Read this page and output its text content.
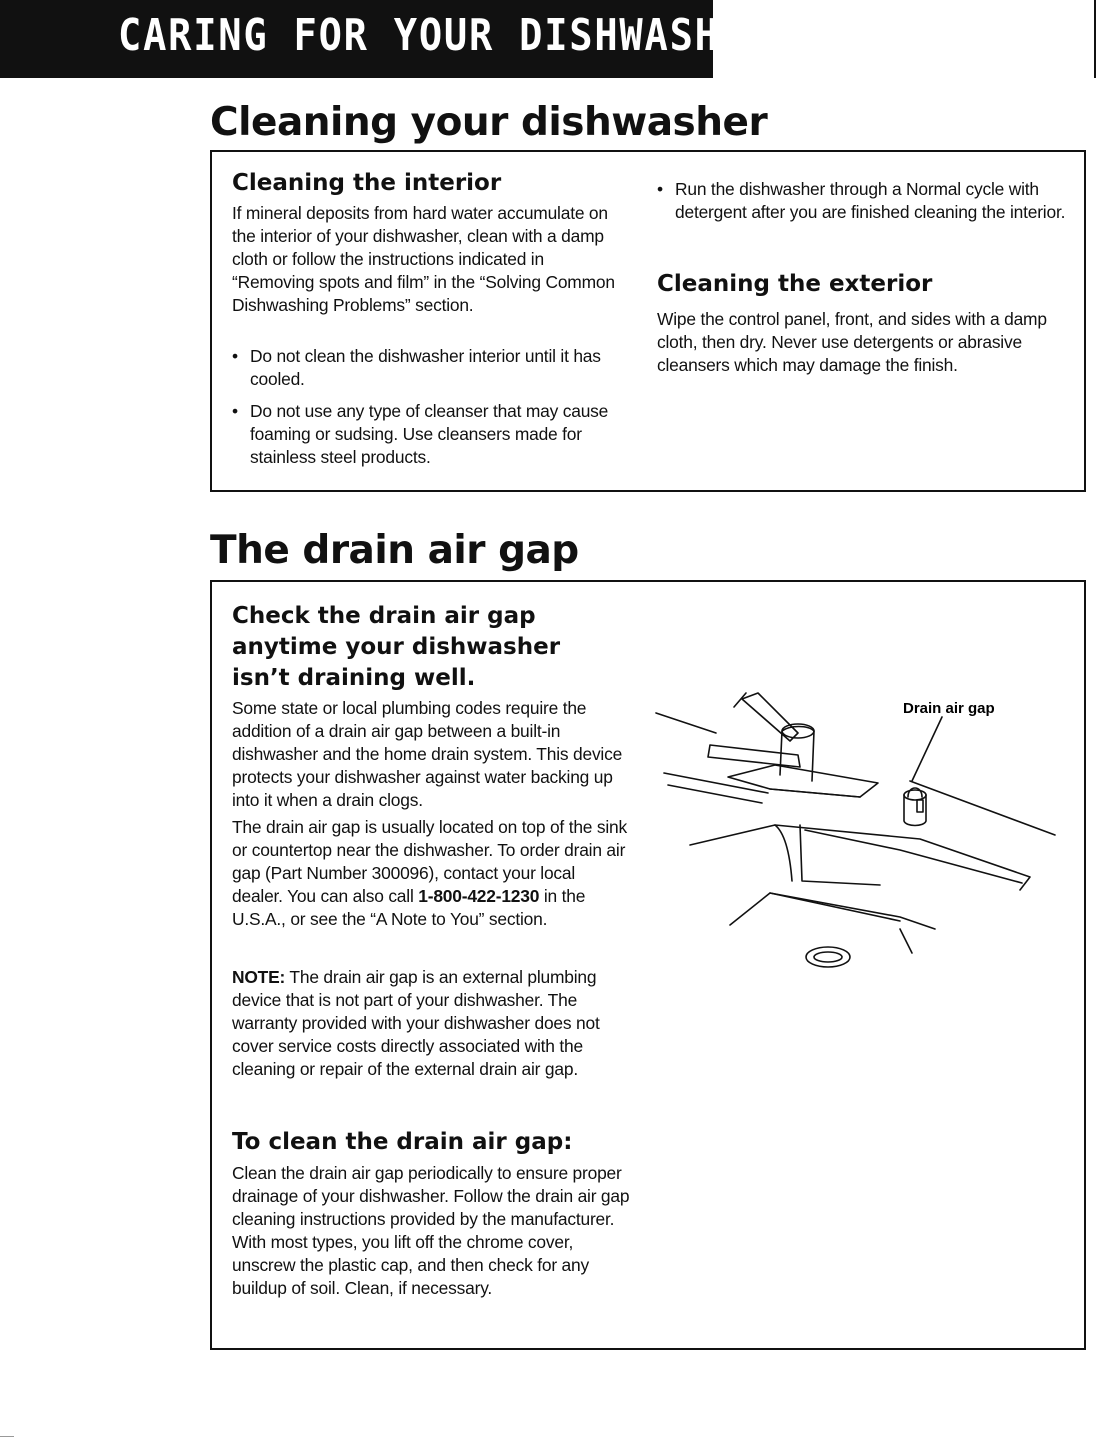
CARING FOR YOUR DISHWASHER
Cleaning your dishwasher
Cleaning the interior
If mineral deposits from hard water accumulate on the interior of your dishwasher, clean with a damp cloth or follow the instructions indicated in “Removing spots and film” in the “Solving Common Dishwashing Problems” section.
• Do not clean the dishwasher interior until it has cooled.
• Do not use any type of cleanser that may cause foaming or sudsing. Use cleansers made for stainless steel products.
• Run the dishwasher through a Normal cycle with detergent after you are finished cleaning the interior.
Cleaning the exterior
Wipe the control panel, front, and sides with a damp cloth, then dry. Never use detergents or abrasive cleansers which may damage the finish.
The drain air gap
Check the drain air gap
anytime your dishwasher
isn’t draining well.
Some state or local plumbing codes require the addition of a drain air gap between a built-in dishwasher and the home drain system. This device protects your dishwasher against water backing up into it when a drain clogs.
The drain air gap is usually located on top of the sink or countertop near the dishwasher. To order drain air gap (Part Number 300096), contact your local dealer. You can also call 1-800-422-1230 in the U.S.A., or see the “A Note to You” section.
NOTE: The drain air gap is an external plumbing device that is not part of your dishwasher. The warranty provided with your dishwasher does not cover service costs directly associated with the cleaning or repair of the external drain air gap.
To clean the drain air gap:
Clean the drain air gap periodically to ensure proper drainage of your dishwasher. Follow the drain air gap cleaning instructions provided by the manufacturer. With most types, you lift off the chrome cover, unscrew the plastic cap, and then check for any buildup of soil. Clean, if necessary.
Drain air gap
